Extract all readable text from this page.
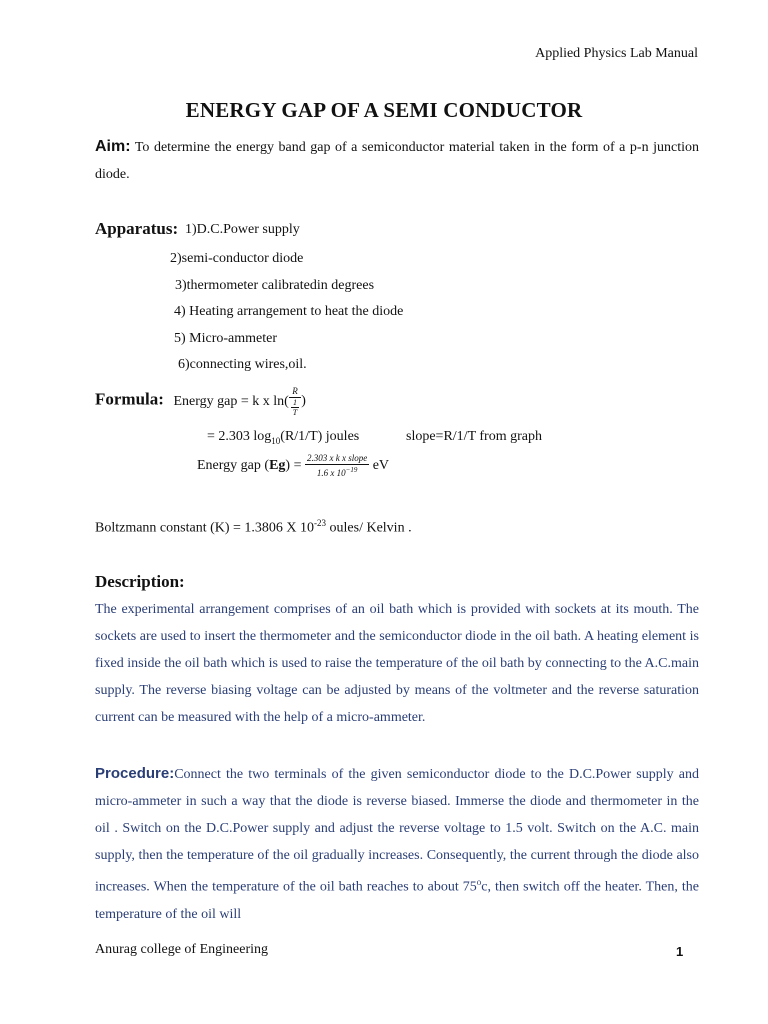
Applied Physics Lab Manual
ENERGY GAP OF A SEMI CONDUCTOR
Aim: To determine the energy band gap of a semiconductor material taken in the form of a p-n junction diode.
Apparatus: 1)D.C.Power supply
2)semi-conductor diode
3)thermometer calibratedin degrees
4) Heating arrangement to heat the diode
5) Micro-ammeter
6)connecting wires,oil.
Formula: Energy gap = k x $\ln( \frac{R}{\frac{1}{T}}$ )
= 2.303 $\log_{10}(R/1/T)$ joules	slope=R/1/T from graph
Energy gap $(Eg) = \frac{\text{2.303 x k x slope}}{1.6 x 10^{-19}}$ eV
Boltzmann constant (K) = 1.3806 X $10^{-23}$ oules/ Kelvin .
Description:
The experimental arrangement comprises of an oil bath which is provided with sockets at its mouth. The sockets are used to insert the thermometer and the semiconductor diode in the oil bath. A heating element is fixed inside the oil bath which is used to raise the temperature of the oil bath by connecting to the A.C.main supply. The reverse biasing voltage can be adjusted by means of the voltmeter and the reverse saturation current can be measured with the help of a micro-ammeter.
Procedure:Connect the two terminals of the given semiconductor diode to the D.C.Power supply and micro-ammeter in such a way that the diode is reverse biased. Immerse the diode and thermometer in the oil . Switch on the D.C.Power supply and adjust the reverse voltage to 1.5 volt. Switch on the A.C. main supply, then the temperature of the oil gradually increases. Consequently, the current through the diode also increases. When the temperature of the oil bath reaches to about 75$^o$c, then switch off the heater. Then, the temperature of the oil will
Anurag college of Engineering	1
